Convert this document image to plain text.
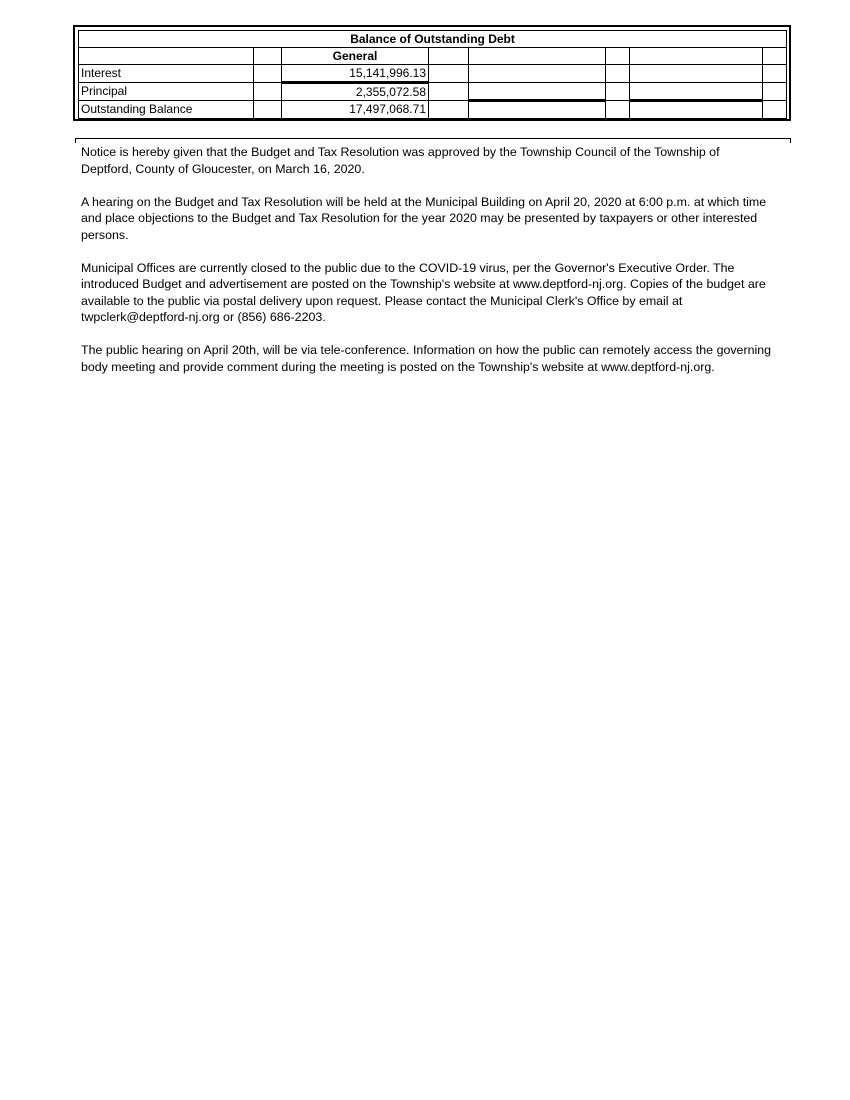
Balance of Outstanding Debt							
		General					
Interest		15,141,996.13					
Principal		2,355,072.58					
Outstanding Balance		17,497,068.71					

Notice is hereby given that the Budget and Tax Resolution was approved by the Township Council of the Township of Deptford, County of Gloucester, on March 16, 2020.

A hearing on the Budget and Tax Resolution will be held at the Municipal Building on April 20, 2020 at 6:00 p.m. at which time and place objections to the Budget and Tax Resolution for the year 2020 may be presented by taxpayers or other interested persons.

Municipal Offices are currently closed to the public due to the COVID-19 virus, per the Governor's Executive Order. The introduced Budget and advertisement are posted on the Township's website at www.deptford-nj.org. Copies of the budget are available to the public via postal delivery upon request. Please contact the Municipal Clerk's Office by email at twpclerk@deptford-nj.org or (856) 686-2203.

The public hearing on April 20th, will be via tele-conference. Information on how the public can remotely access the governing body meeting and provide comment during the meeting is posted on the Township's website at www.deptford-nj.org.
